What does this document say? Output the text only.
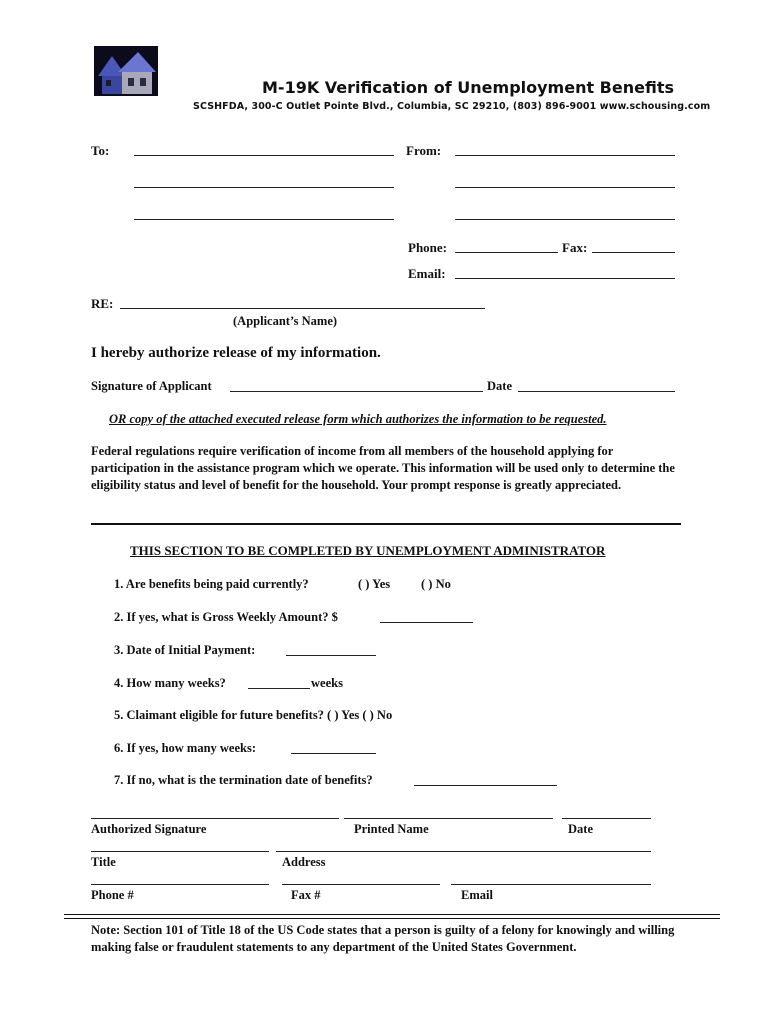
M-19K Verification of Unemployment Benefits
SCSHFDA, 300-C Outlet Pointe Blvd., Columbia, SC 29210, (803) 896-9001 www.schousing.com
To:	From:
Phone:	Fax:
Email:
RE:
(Applicant’s Name)
I hereby authorize release of my information.
Signature of Applicant	Date
OR copy of the attached executed release form which authorizes the information to be requested.
Federal regulations require verification of income from all members of the household applying for participation in the assistance program which we operate. This information will be used only to determine the eligibility status and level of benefit for the household. Your prompt response is greatly appreciated.
THIS SECTION TO BE COMPLETED BY UNEMPLOYMENT ADMINISTRATOR
1. Are benefits being paid currently?	( ) Yes ( ) No
2. If yes, what is Gross Weekly Amount? $
3. Date of Initial Payment:
4. How many weeks?	weeks
5. Claimant eligible for future benefits? ( ) Yes ( ) No
6. If yes, how many weeks:
7. If no, what is the termination date of benefits?
Authorized Signature	Printed Name	Date
Title	Address
Phone #	Fax #	Email
Note: Section 101 of Title 18 of the US Code states that a person is guilty of a felony for knowingly and willing making false or fraudulent statements to any department of the United States Government.
